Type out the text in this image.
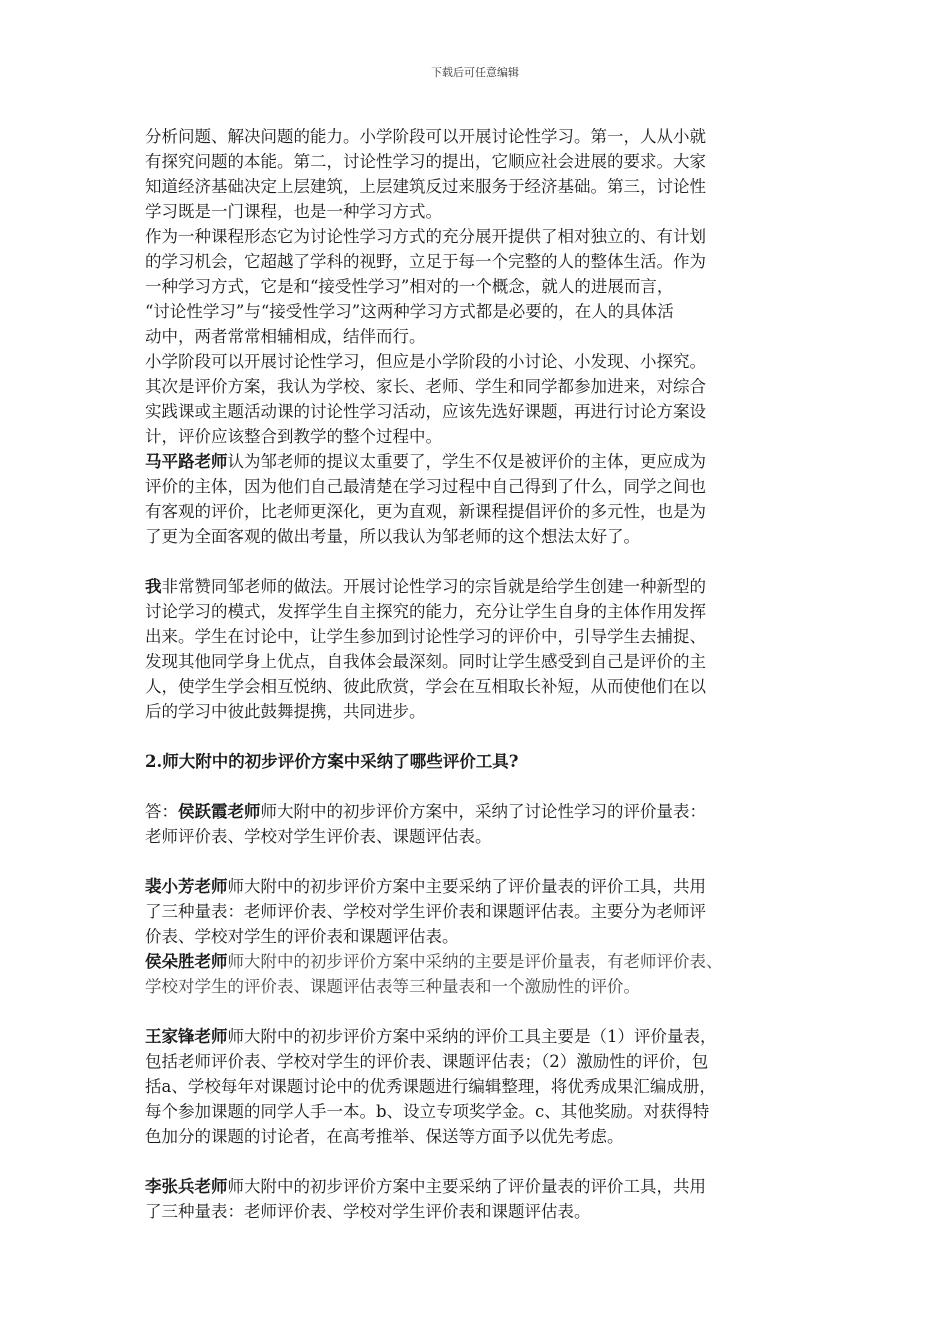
下载后可任意编辑
分析问题、解决问题的能力。小学阶段可以开展讨论性学习。第一，人从小就
有探究问题的本能。第二，讨论性学习的提出，它顺应社会进展的要求。大家
知道经济基础决定上层建筑，上层建筑反过来服务于经济基础。第三，讨论性
学习既是一门课程，也是一种学习方式。
作为一种课程形态它为讨论性学习方式的充分展开提供了相对独立的、有计划
的学习机会，它超越了学科的视野，立足于每一个完整的人的整体生活。作为
一种学习方式，它是和“接受性学习”相对的一个概念，就人的进展而言，
“讨论性学习”与“接受性学习”这两种学习方式都是必要的，在人的具体活
动中，两者常常相辅相成，结伴而行。
小学阶段可以开展讨论性学习，但应是小学阶段的小讨论、小发现、小探究。
其次是评价方案，我认为学校、家长、老师、学生和同学都参加进来，对综合
实践课或主题活动课的讨论性学习活动，应该先选好课题，再进行讨论方案设
计，评价应该整合到教学的整个过程中。
马平路老师认为邹老师的提议太重要了，学生不仅是被评价的主体，更应成为
评价的主体，因为他们自己最清楚在学习过程中自己得到了什么，同学之间也
有客观的评价，比老师更深化，更为直观，新课程提倡评价的多元性，也是为
了更为全面客观的做出考量，所以我认为邹老师的这个想法太好了。
我非常赞同邹老师的做法。开展讨论性学习的宗旨就是给学生创建一种新型的
讨论学习的模式，发挥学生自主探究的能力，充分让学生自身的主体作用发挥
出来。学生在讨论中，让学生参加到讨论性学习的评价中，引导学生去捕捉、
发现其他同学身上优点，自我体会最深刻。同时让学生感受到自己是评价的主
人，使学生学会相互悦纳、彼此欣赏，学会在互相取长补短，从而使他们在以
后的学习中彼此鼓舞提携，共同进步。
2.师大附中的初步评价方案中采纳了哪些评价工具?
答：侯跃霞老师师大附中的初步评价方案中，采纳了讨论性学习的评价量表：
老师评价表、学校对学生评价表、课题评估表。
裴小芳老师师大附中的初步评价方案中主要采纳了评价量表的评价工具，共用
了三种量表：老师评价表、学校对学生评价表和课题评估表。主要分为老师评
价表、学校对学生的评价表和课题评估表。
侯朵胜老师师大附中的初步评价方案中采纳的主要是评价量表，有老师评价表、
学校对学生的评价表、课题评估表等三种量表和一个激励性的评价。
王家锋老师师大附中的初步评价方案中采纳的评价工具主要是（1）评价量表，
包括老师评价表、学校对学生的评价表、课题评估表；（2）激励性的评价，包
括a、学校每年对课题讨论中的优秀课题进行编辑整理，将优秀成果汇编成册，
每个参加课题的同学人手一本。b、设立专项奖学金。c、其他奖励。对获得特
色加分的课题的讨论者，在高考推举、保送等方面予以优先考虑。
李张兵老师师大附中的初步评价方案中主要采纳了评价量表的评价工具，共用
了三种量表：老师评价表、学校对学生评价表和课题评估表。
